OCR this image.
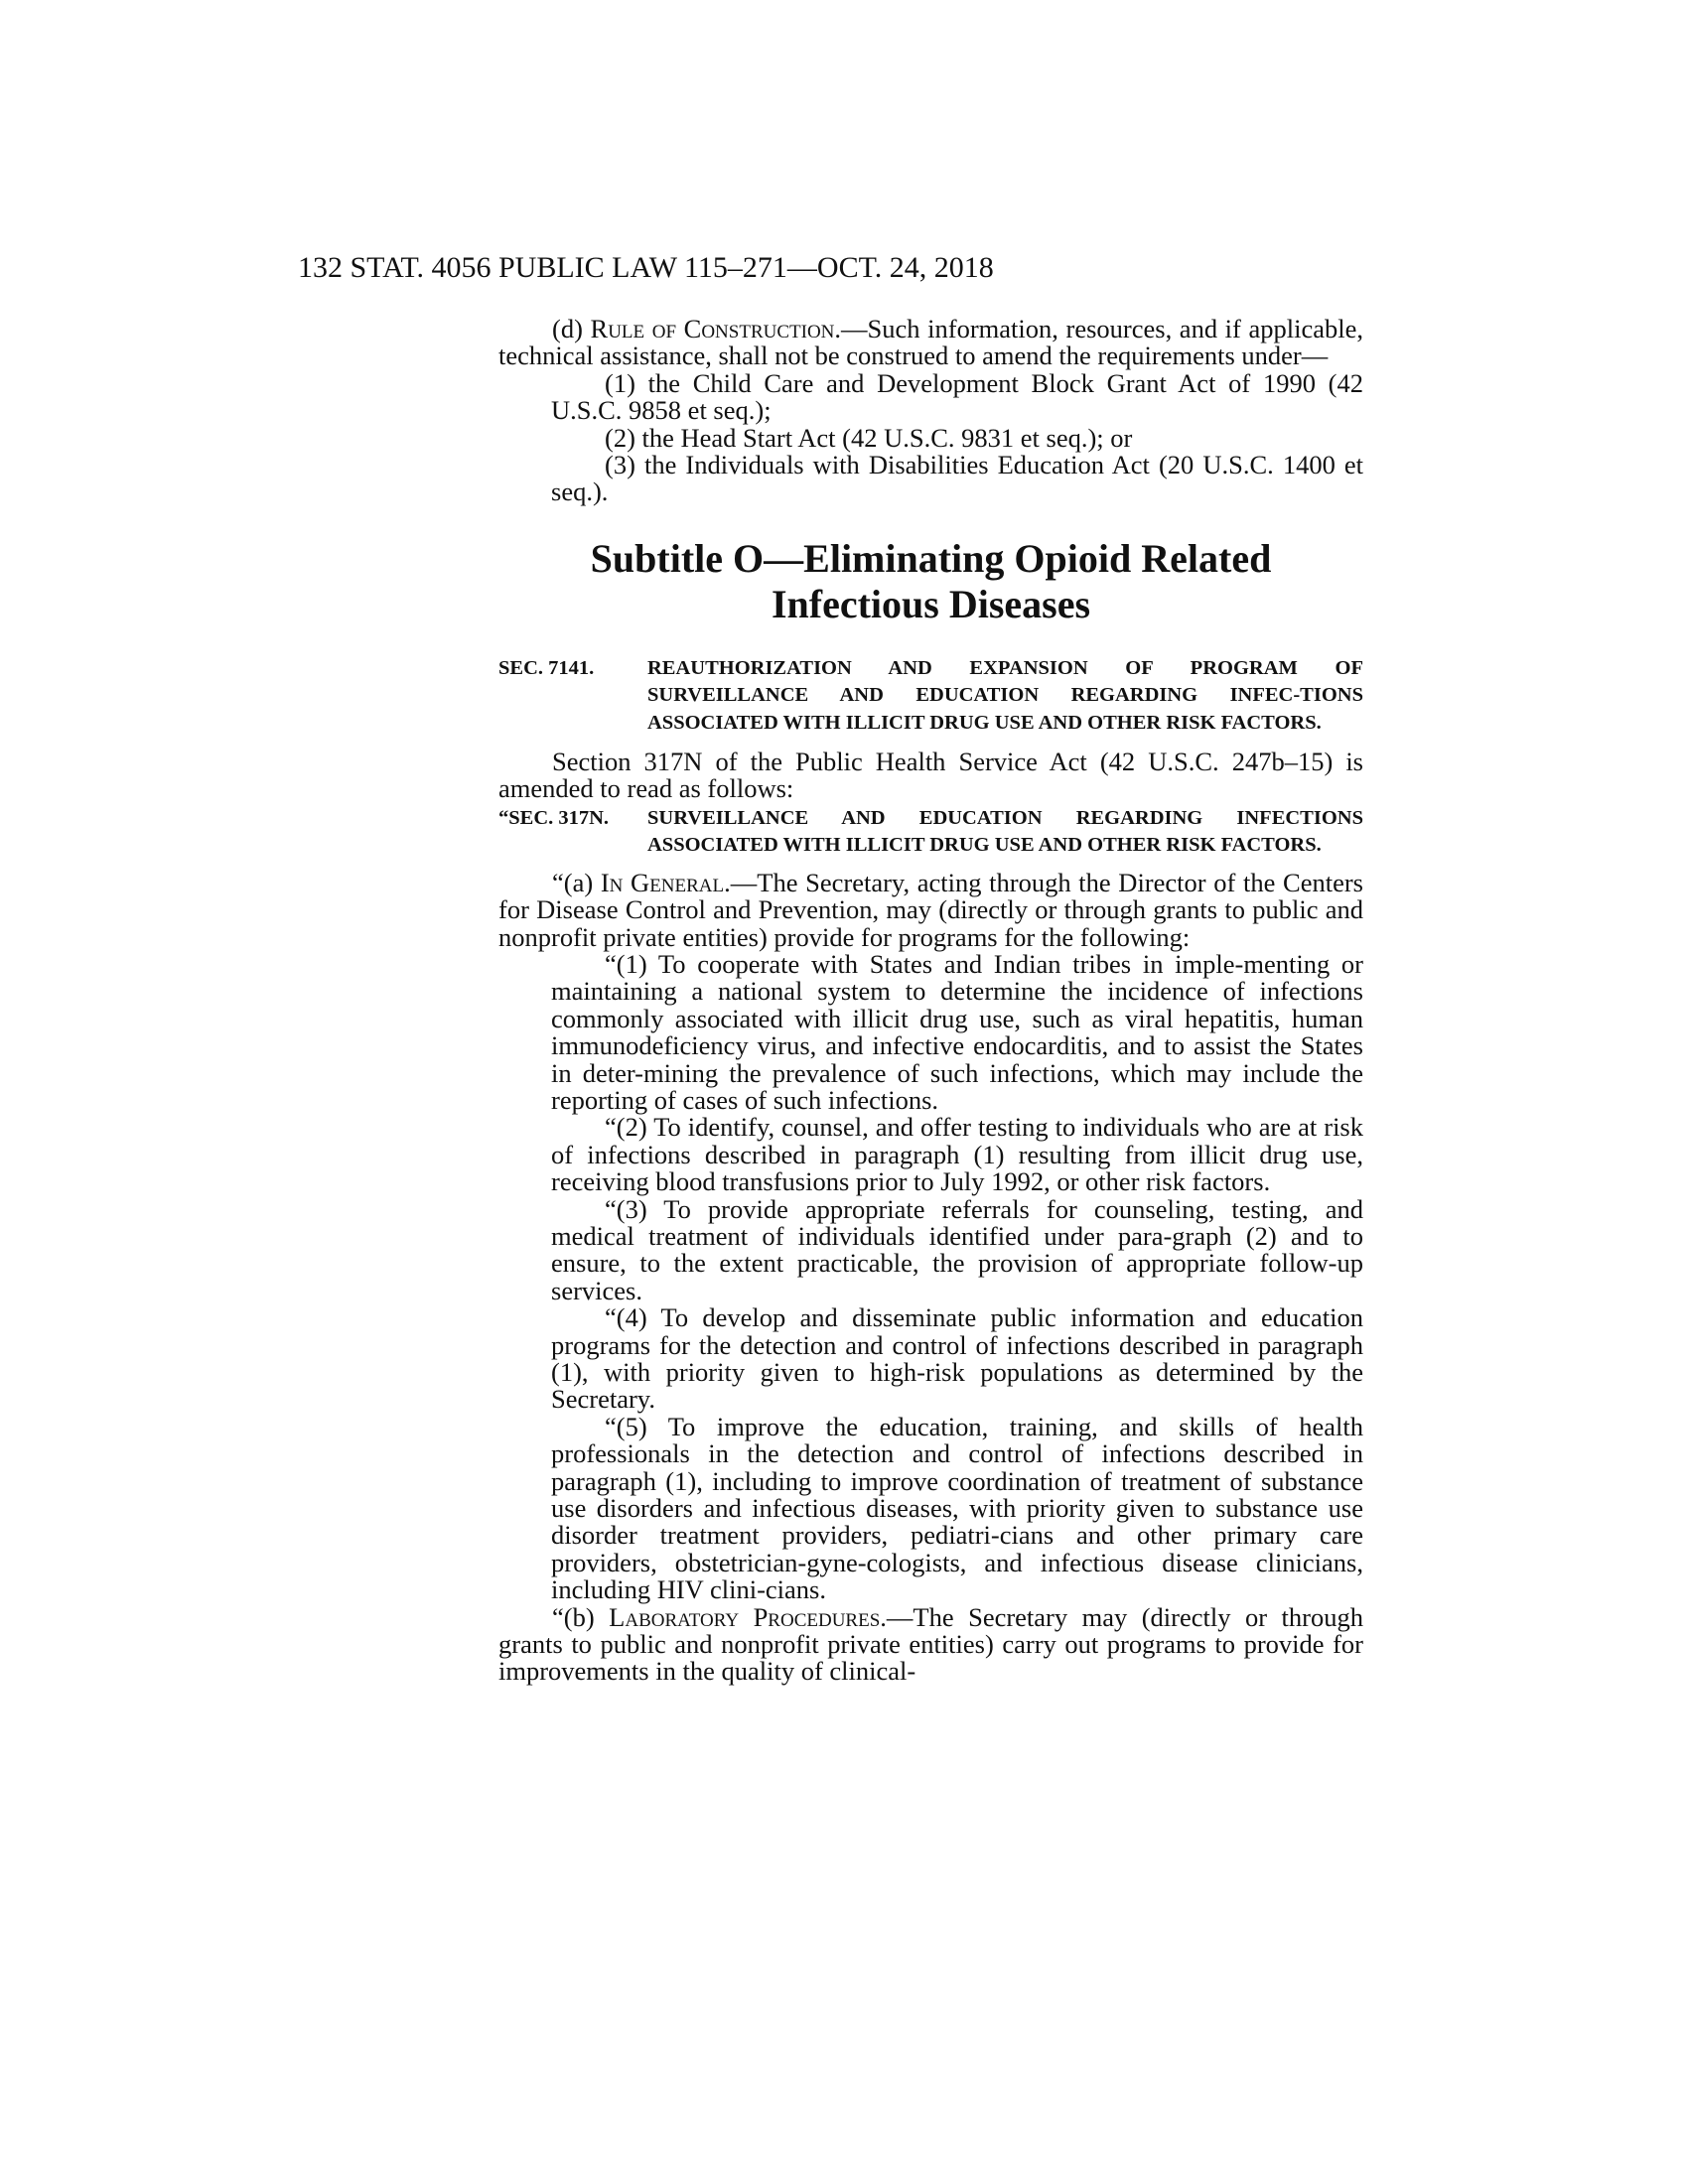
132 STAT. 4056 PUBLIC LAW 115–271—OCT. 24, 2018

(d) Rule of Construction.—Such information, resources, and if applicable, technical assistance, shall not be construed to amend the requirements under—

(1) the Child Care and Development Block Grant Act of 1990 (42 U.S.C. 9858 et seq.);

(2) the Head Start Act (42 U.S.C. 9831 et seq.); or

(3) the Individuals with Disabilities Education Act (20 U.S.C. 1400 et seq.).

Subtitle O—Eliminating Opioid Related
Infectious Diseases
SEC. 7141.	REAUTHORIZATION AND EXPANSION OF PROGRAM OF SURVEILLANCE AND EDUCATION REGARDING INFEC-TIONS ASSOCIATED WITH ILLICIT DRUG USE AND OTHER RISK FACTORS.

Section 317N of the Public Health Service Act (42 U.S.C. 247b–15) is amended to read as follows:

“SEC. 317N. SURVEILLANCE AND EDUCATION REGARDING INFECTIONS ASSOCIATED WITH ILLICIT DRUG USE AND OTHER RISK FACTORS.

“(a) In General.—The Secretary, acting through the Director of the Centers for Disease Control and Prevention, may (directly or through grants to public and nonprofit private entities) provide for programs for the following:

“(1) To cooperate with States and Indian tribes in imple-menting or maintaining a national system to determine the incidence of infections commonly associated with illicit drug use, such as viral hepatitis, human immunodeficiency virus, and infective endocarditis, and to assist the States in deter-mining the prevalence of such infections, which may include the reporting of cases of such infections.

“(2) To identify, counsel, and offer testing to individuals who are at risk of infections described in paragraph (1) resulting from illicit drug use, receiving blood transfusions prior to July 1992, or other risk factors.

“(3) To provide appropriate referrals for counseling, testing, and medical treatment of individuals identified under para-graph (2) and to ensure, to the extent practicable, the provision of appropriate follow-up services.

“(4) To develop and disseminate public information and education programs for the detection and control of infections described in paragraph (1), with priority given to high-risk populations as determined by the Secretary.

“(5) To improve the education, training, and skills of health professionals in the detection and control of infections described in paragraph (1), including to improve coordination of treatment of substance use disorders and infectious diseases, with priority given to substance use disorder treatment providers, pediatri-cians and other primary care providers, obstetrician-gyne-cologists, and infectious disease clinicians, including HIV clini-cians.

“(b) Laboratory Procedures.—The Secretary may (directly or through grants to public and nonprofit private entities) carry out programs to provide for improvements in the quality of clinical-
